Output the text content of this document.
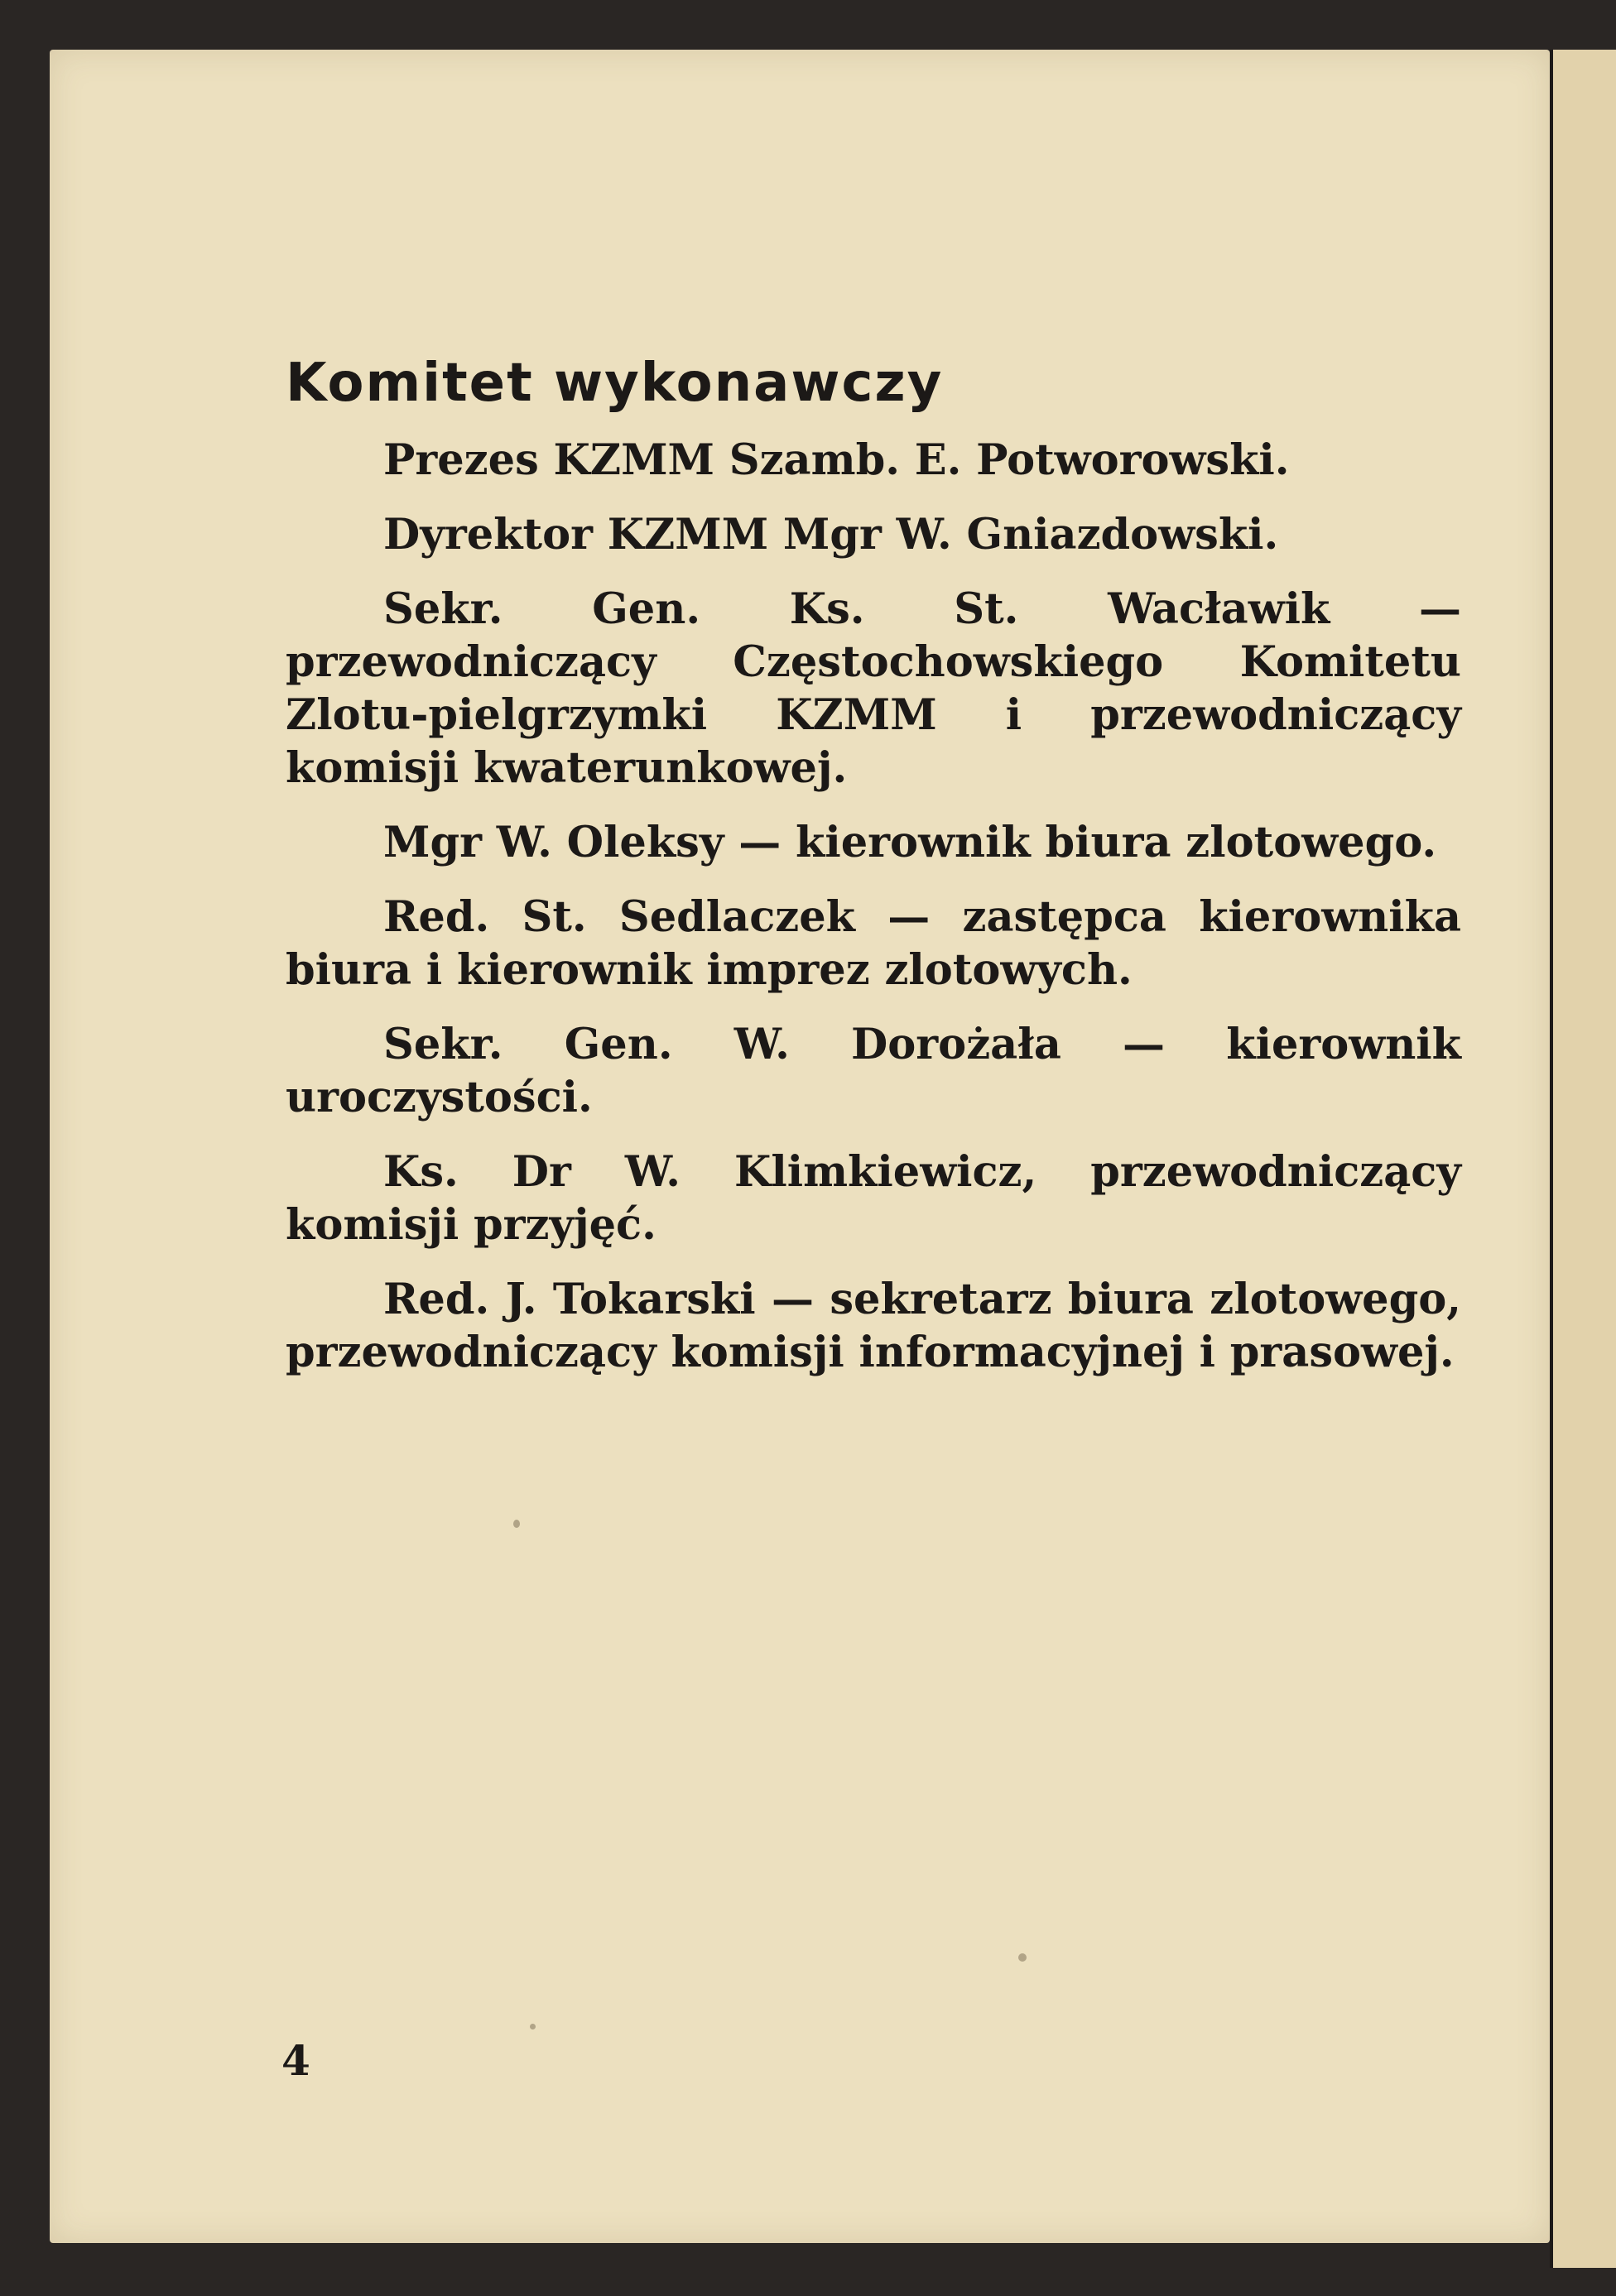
Komitet wykonawczy

Prezes KZMM Szamb. E. Potworowski.

Dyrektor KZMM Mgr W. Gniazdowski.

Sekr. Gen. Ks. St. Wacławik — przewodniczący Częstochowskiego Komitetu Zlotu-pielgrzymki KZMM i przewodniczący komisji kwaterunkowej.

Mgr W. Oleksy — kierownik biura zlotowego.

Red. St. Sedlaczek — zastępca kierownika biura i kierownik imprez zlotowych.

Sekr. Gen. W. Dorożała — kierownik uroczystości.

Ks. Dr W. Klimkiewicz, przewodniczący komisji przyjęć.

Red. J. Tokarski — sekretarz biura zlotowego, przewodniczący komisji informacyjnej i prasowej.

4
